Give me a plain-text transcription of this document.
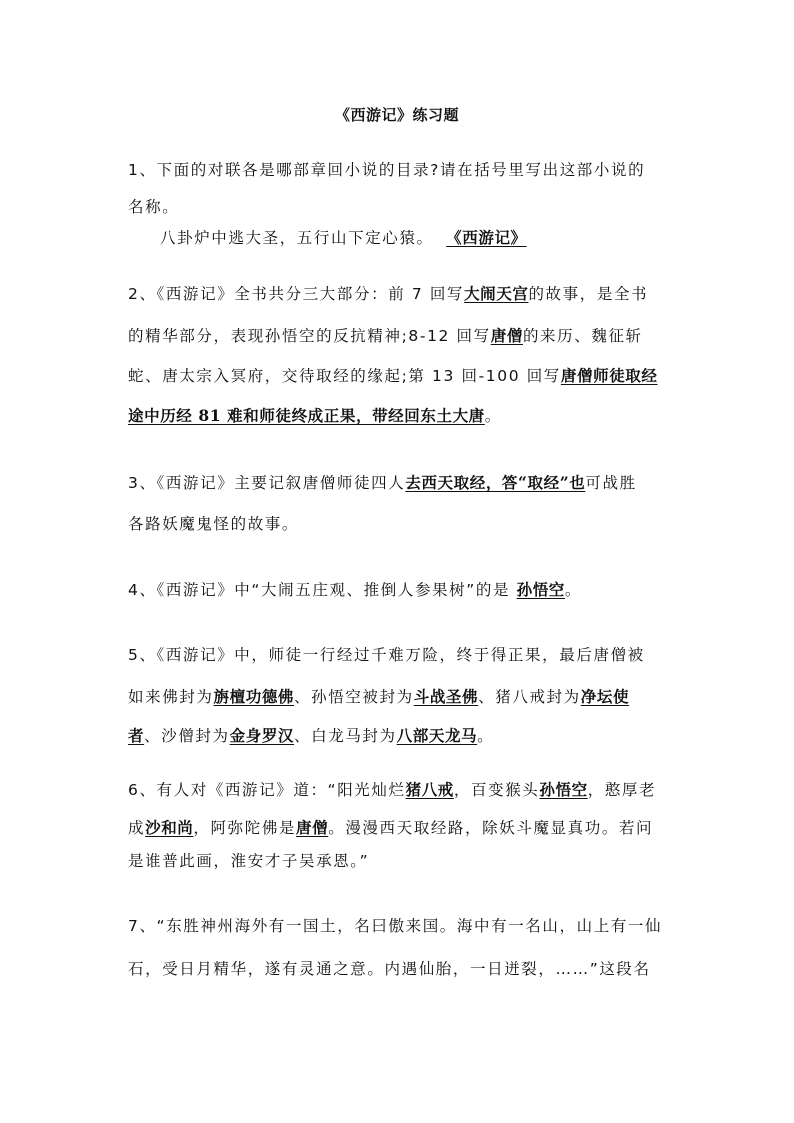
《西游记》练习题
1、下面的对联各是哪部章回小说的目录?请在括号里写出这部小说的
名称。
八卦炉中逃大圣，五行山下定心猿。 《西游记》
2、《西游记》全书共分三大部分：前 7 回写大闹天宫的故事，是全书
的精华部分，表现孙悟空的反抗精神;8-12 回写唐僧的来历、魏征斩
蛇、唐太宗入冥府，交待取经的缘起;第 13 回-100 回写唐僧师徒取经
途中历经 81 难和师徒终成正果，带经回东土大唐。
3、《西游记》主要记叙唐僧师徒四人去西天取经，答“取经”也可战胜
各路妖魔鬼怪的故事。
4、《西游记》中“大闹五庄观、推倒人参果树”的是 孙悟空。
5、《西游记》中，师徒一行经过千难万险，终于得正果，最后唐僧被
如来佛封为旃檀功德佛、孙悟空被封为斗战圣佛、猪八戒封为净坛使
者、沙僧封为金身罗汉、白龙马封为八部天龙马。
6、有人对《西游记》道：“阳光灿烂猪八戒，百变猴头孙悟空，憨厚老
成沙和尚，阿弥陀佛是唐僧。漫漫西天取经路，除妖斗魔显真功。若问
是谁普此画，淮安才子吴承恩。”
7、“东胜神州海外有一国土，名曰傲来国。海中有一名山，山上有一仙
石，受日月精华，遂有灵通之意。内遇仙胎，一日迸裂，……”这段名
